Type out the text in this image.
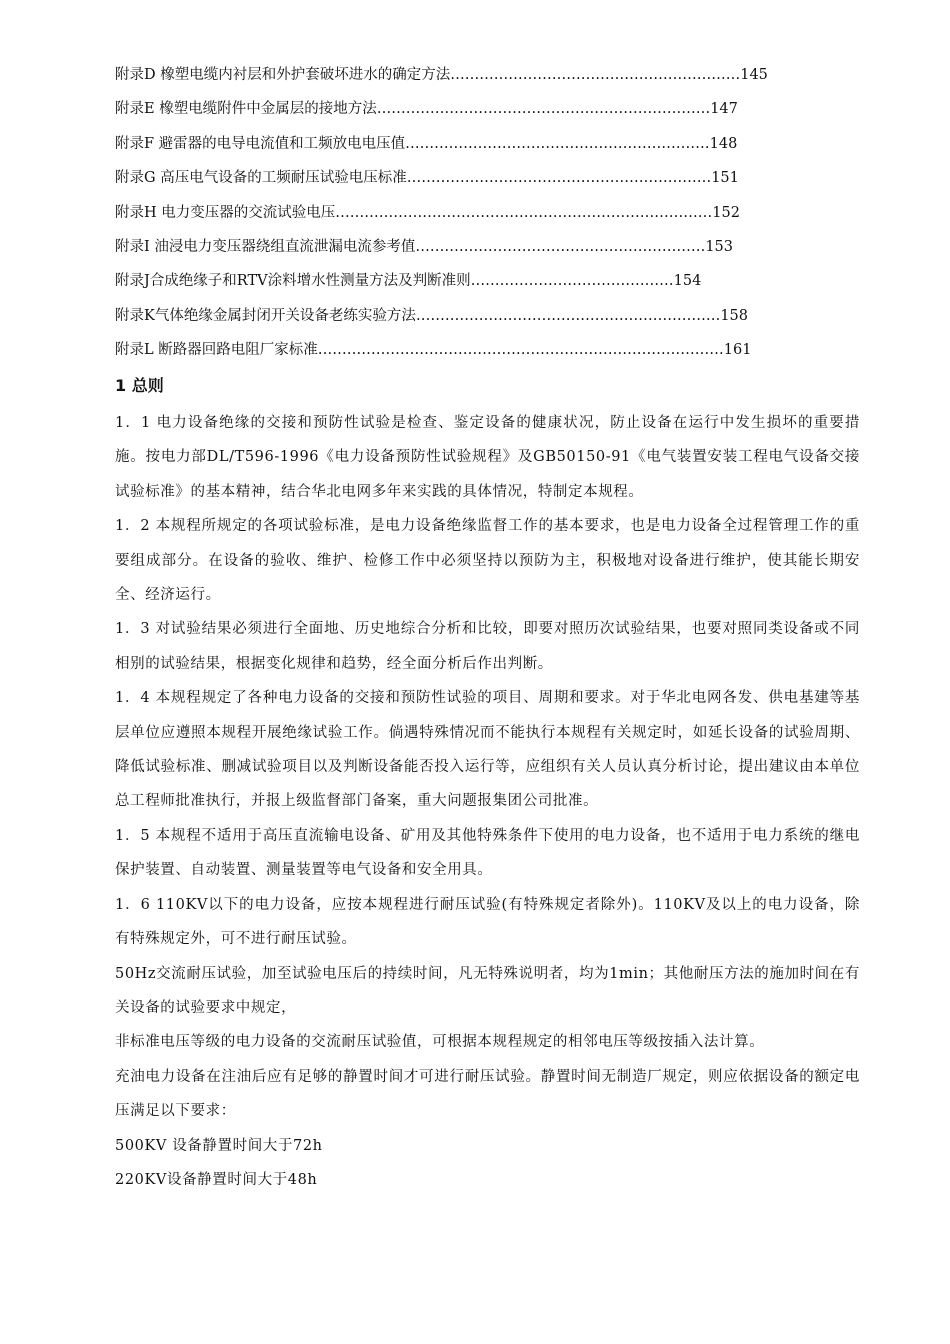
附录D 橡塑电缆内衬层和外护套破坏进水的确定方法……………………………………………………145
附录E 橡塑电缆附件中金属层的接地方法……………………………………………………………147
附录F 避雷器的电导电流值和工频放电电压值………………………………………………………148
附录G 高压电气设备的工频耐压试验电压标准………………………………………………………151
附录H 电力变压器的交流试验电压……………………………………………………………………152
附录I 油浸电力变压器绕组直流泄漏电流参考值……………………………………………………153
附录J合成绝缘子和RTV涂料增水性测量方法及判断准则……………………………………154
附录K气体绝缘金属封闭开关设备老练实验方法………………………………………………………158
附录L 断路器回路电阻厂家标准…………………………………………………………………………161
1 总则

1．1 电力设备绝缘的交接和预防性试验是检查、鉴定设备的健康状况，防止设备在运行中发生损坏的重要措施。按电力部DL/T596-1996《电力设备预防性试验规程》及GB50150-91《电气装置安装工程电气设备交接试验标准》的基本精神，结合华北电网多年来实践的具体情况，特制定本规程。

1．2 本规程所规定的各项试验标准，是电力设备绝缘监督工作的基本要求，也是电力设备全过程管理工作的重要组成部分。在设备的验收、维护、检修工作中必须坚持以预防为主，积极地对设备进行维护，使其能长期安全、经济运行。

1．3 对试验结果必须进行全面地、历史地综合分析和比较，即要对照历次试验结果，也要对照同类设备或不同相别的试验结果，根据变化规律和趋势，经全面分析后作出判断。

1．4 本规程规定了各种电力设备的交接和预防性试验的项目、周期和要求。对于华北电网各发、供电基建等基层单位应遵照本规程开展绝缘试验工作。倘遇特殊情况而不能执行本规程有关规定时，如延长设备的试验周期、降低试验标准、删减试验项目以及判断设备能否投入运行等，应组织有关人员认真分析讨论，提出建议由本单位总工程师批准执行，并报上级监督部门备案，重大问题报集团公司批准。

1．5 本规程不适用于高压直流输电设备、矿用及其他特殊条件下使用的电力设备，也不适用于电力系统的继电保护装置、自动装置、测量装置等电气设备和安全用具。

1．6 110KV以下的电力设备，应按本规程进行耐压试验(有特殊规定者除外)。110KV及以上的电力设备，除有特殊规定外，可不进行耐压试验。

50Hz交流耐压试验，加至试验电压后的持续时间，凡无特殊说明者，均为1min；其他耐压方法的施加时间在有关设备的试验要求中规定，

非标准电压等级的电力设备的交流耐压试验值，可根据本规程规定的相邻电压等级按插入法计算。

充油电力设备在注油后应有足够的静置时间才可进行耐压试验。静置时间无制造厂规定，则应依据设备的额定电压满足以下要求：

500KV 设备静置时间大于72h

220KV设备静置时间大于48h
